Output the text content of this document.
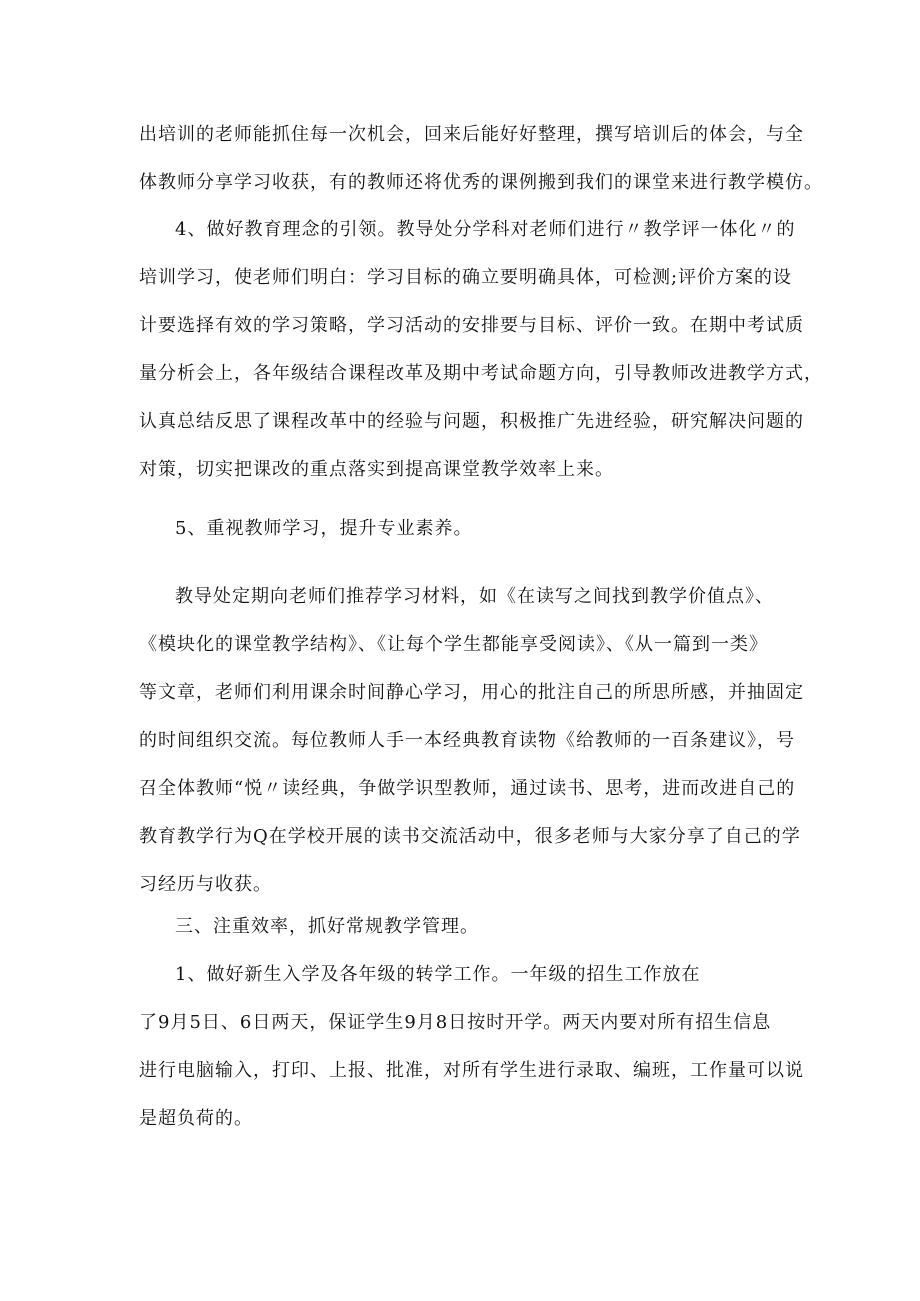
出培训的老师能抓住每一次机会，回来后能好好整理，撰写培训后的体会，与全
体教师分享学习收获，有的教师还将优秀的课例搬到我们的课堂来进行教学模仿。
4、做好教育理念的引领。教导处分学科对老师们进行〃教学评一体化〃的
培训学习，使老师们明白：学习目标的确立要明确具体，可检测;评价方案的设
计要选择有效的学习策略，学习活动的安排要与目标、评价一致。在期中考试质
量分析会上，各年级结合课程改革及期中考试命题方向，引导教师改进教学方式，
认真总结反思了课程改革中的经验与问题，积极推广先进经验，研究解决问题的
对策，切实把课改的重点落实到提高课堂教学效率上来。
5、重视教师学习，提升专业素养。
教导处定期向老师们推荐学习材料，如《在读写之间找到教学价值点》、
《模块化的课堂教学结构》、《让每个学生都能享受阅读》、《从一篇到一类》
等文章，老师们利用课余时间静心学习，用心的批注自己的所思所感，并抽固定
的时间组织交流。每位教师人手一本经典教育读物《给教师的一百条建议》，号
召全体教师“悦〃读经典，争做学识型教师，通过读书、思考，进而改进自己的
教育教学行为Q在学校开展的读书交流活动中，很多老师与大家分享了自己的学
习经历与收获。
三、注重效率，抓好常规教学管理。
1、做好新生入学及各年级的转学工作。一年级的招生工作放在
了9月5日、6日两天，保证学生9月8日按时开学。两天内要对所有招生信息
进行电脑输入，打印、上报、批准，对所有学生进行录取、编班，工作量可以说
是超负荷的。
